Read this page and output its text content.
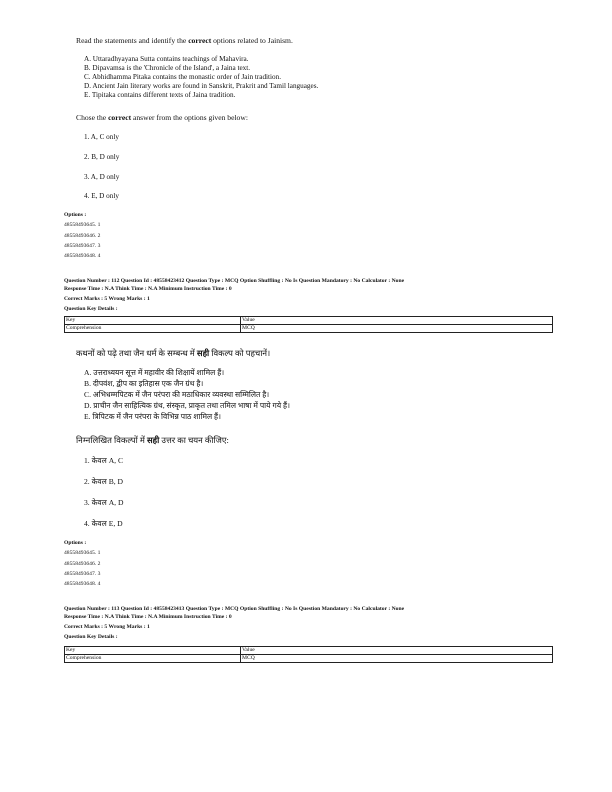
Read the statements and identify the correct options related to Jainism.
A. Uttaradhyayana Sutta contains teachings of Mahavira.
B. Dipavamsa is the 'Chronicle of the Island', a Jaina text.
C. Abhidhamma Pitaka contains the monastic order of Jain tradition.
D. Ancient Jain literary works are found in Sanskrit, Prakrit and Tamil languages.
E. Tipitaka contains different texts of Jaina tradition.
Chose the correct answer from the options given below:
1. A, C only
2. B, D only
3. A, D only
4. E, D only
Options :
48558493645. 1
48558493646. 2
48558493647. 3
48558493648. 4
Question Number : 112 Question Id : 48558423412 Question Type : MCQ Option Shuffling : No Is Question Mandatory : No Calculator : None
Response Time : N.A Think Time : N.A Minimum Instruction Time : 0
Correct Marks : 5 Wrong Marks : 1
Question Key Details :
Key	Value
Comprehension	MCQ
कथनों को पढ़े तथा जैन धर्म के सम्बन्ध में सही विकल्प को पहचानें।
A. उत्तराध्ययन सूत्त में महावीर की शिक्षायें शामिल हैं।
B. दीपवंश, द्वीप का इतिहास एक जैन ग्रंथ है।
C. अभिधम्मपिटक में जैन परंपरा की मठाधिकार व्यवस्था सम्मिलित है।
D. प्राचीन जैन साहित्यिक ग्रंथ, संस्कृत, प्राकृत तथा तमिल भाषा में पाये गये हैं।
E. त्रिपिटक में जैन परंपरा के विभिन्न पाठ शामिल हैं।
निम्नलिखित विकल्पों में सही उत्तर का चयन कीजिए:
1. केवल A, C
2. केवल B, D
3. केवल A, D
4. केवल E, D
Options :
48558493645. 1
48558493646. 2
48558493647. 3
48558493648. 4
Question Number : 113 Question Id : 48558423413 Question Type : MCQ Option Shuffling : No Is Question Mandatory : No Calculator : None
Response Time : N.A Think Time : N.A Minimum Instruction Time : 0
Correct Marks : 5 Wrong Marks : 1
Question Key Details :
Key	Value
Comprehension	MCQ
